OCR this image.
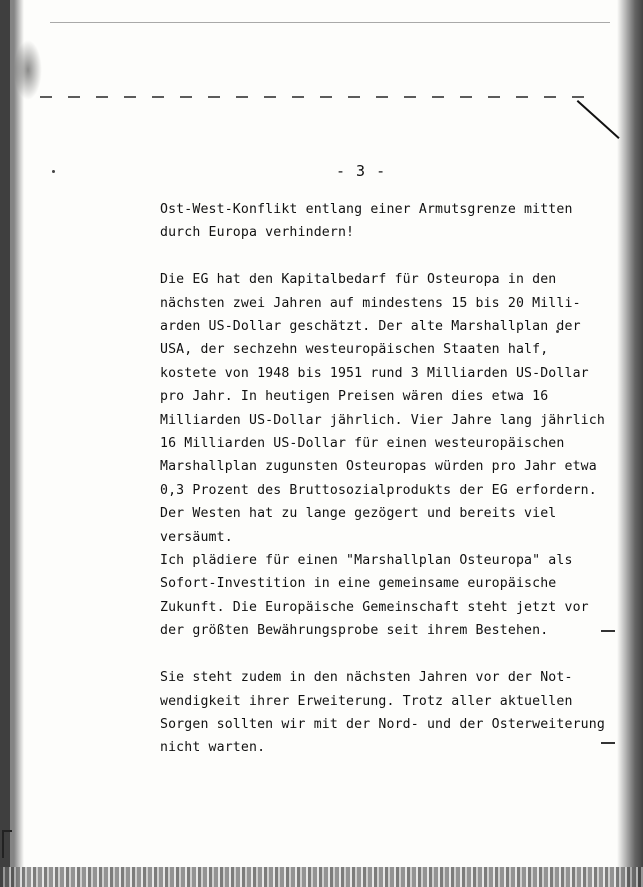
- 3 -
Ost-West-Konflikt entlang einer Armutsgrenze mitten
durch Europa verhindern!
Die EG hat den Kapitalbedarf für Osteuropa in den
nächsten zwei Jahren auf mindestens 15 bis 20 Milli-
arden US-Dollar geschätzt. Der alte Marshallplan der
USA, der sechzehn westeuropäischen Staaten half,
kostete von 1948 bis 1951 rund 3 Milliarden US-Dollar
pro Jahr. In heutigen Preisen wären dies etwa 16
Milliarden US-Dollar jährlich. Vier Jahre lang jährlich
16 Milliarden US-Dollar für einen westeuropäischen
Marshallplan zugunsten Osteuropas würden pro Jahr etwa
0,3 Prozent des Bruttosozialprodukts der EG erfordern.
Der Westen hat zu lange gezögert und bereits viel
versäumt.
Ich plädiere für einen "Marshallplan Osteuropa" als
Sofort-Investition in eine gemeinsame europäische
Zukunft. Die Europäische Gemeinschaft steht jetzt vor
der größten Bewährungsprobe seit ihrem Bestehen.
Sie steht zudem in den nächsten Jahren vor der Not-
wendigkeit ihrer Erweiterung. Trotz aller aktuellen
Sorgen sollten wir mit der Nord- und der Osterweiterung
nicht warten.
